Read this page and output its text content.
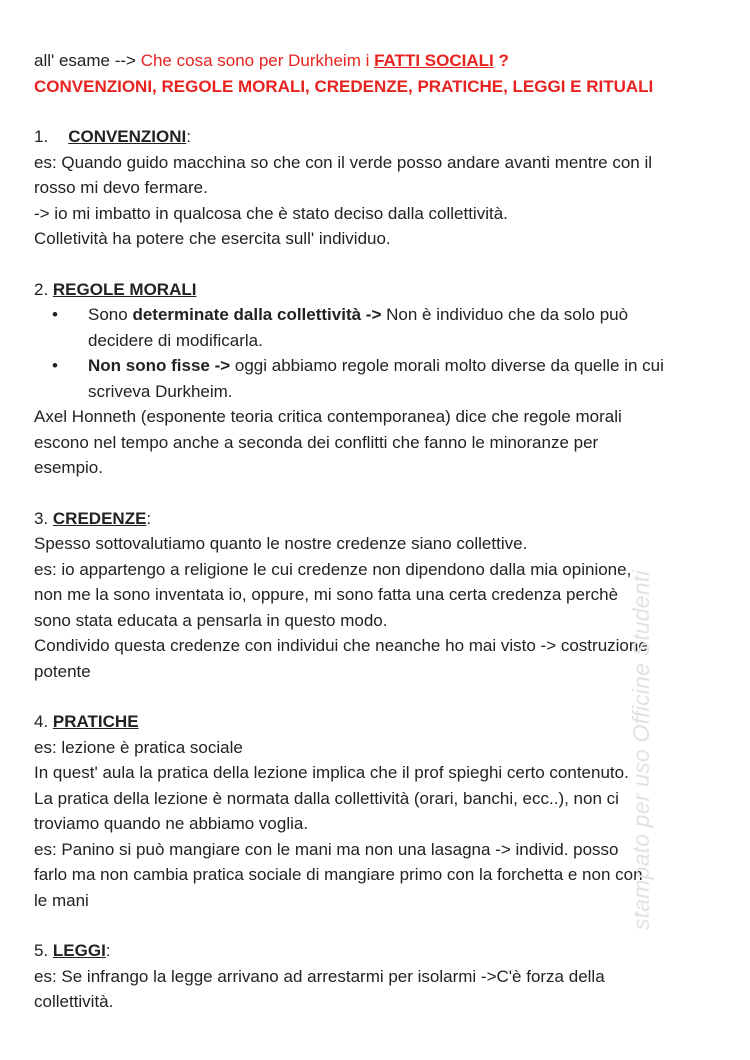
all' esame --> Che cosa sono per Durkheim i FATTI SOCIALI ?
CONVENZIONI, REGOLE MORALI, CREDENZE, PRATICHE, LEGGI E RITUALI
1. CONVENZIONI:
es: Quando guido macchina so che con il verde posso andare avanti mentre con il
rosso mi devo fermare.
-> io mi imbatto in qualcosa che è stato deciso dalla collettività.
Colletività ha potere che esercita sull' individuo.
2. REGOLE MORALI
• Sono determinate dalla collettività -> Non è individuo che da solo può
decidere di modificarla.
• Non sono fisse -> oggi abbiamo regole morali molto diverse da quelle in cui
scriveva Durkheim.
Axel Honneth (esponente teoria critica contemporanea) dice che regole morali
escono nel tempo anche a seconda dei conflitti che fanno le minoranze per
esempio.
3. CREDENZE:
Spesso sottovalutiamo quanto le nostre credenze siano collettive.
es: io appartengo a religione le cui credenze non dipendono dalla mia opinione,
non me la sono inventata io, oppure, mi sono fatta una certa credenza perchè
sono stata educata a pensarla in questo modo.
Condivido questa credenze con individui che neanche ho mai visto -> costruzione
potente
4. PRATICHE
es: lezione è pratica sociale
In quest' aula la pratica della lezione implica che il prof spieghi certo contenuto.
La pratica della lezione è normata dalla collettività (orari, banchi, ecc..), non ci
troviamo quando ne abbiamo voglia.
es: Panino si può mangiare con le mani ma non una lasagna -> individ. posso
farlo ma non cambia pratica sociale di mangiare primo con la forchetta e non con
le mani
5. LEGGI:
es: Se infrango la legge arrivano ad arrestarmi per isolarmi ->C'è forza della
collettività.
stampato per uso Officine Studenti
